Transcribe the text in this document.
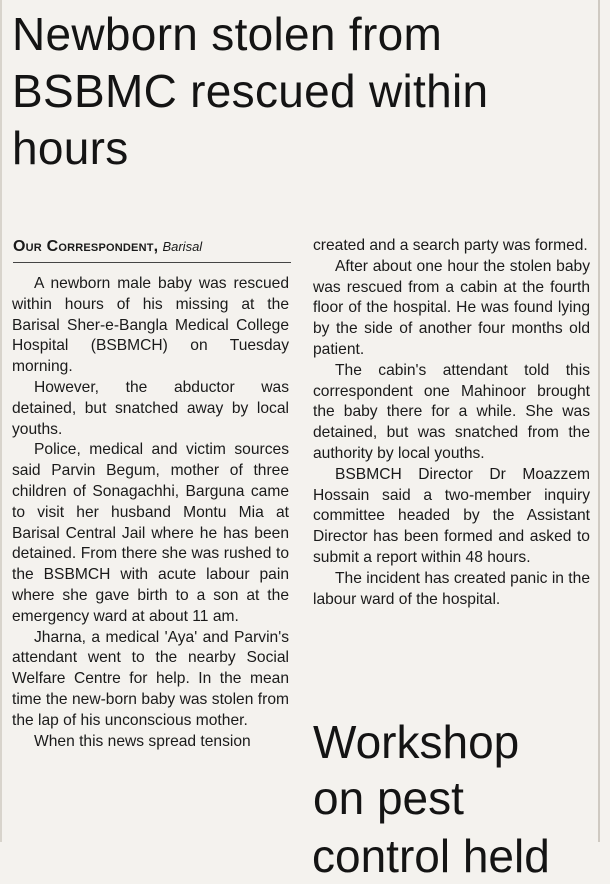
Newborn stolen from BSBMC rescued within hours
Our Correspondent, Barisal

A newborn male baby was rescued within hours of his missing at the Barisal Sher-e-Bangla Medical College Hospital (BSBMCH) on Tuesday morning.

However, the abductor was detained, but snatched away by local youths.

Police, medical and victim sources said Parvin Begum, mother of three children of Sonagachhi, Barguna came to visit her husband Montu Mia at Barisal Central Jail where he has been detained. From there she was rushed to the BSBMCH with acute labour pain where she gave birth to a son at the emergency ward at about 11 am.

Jharna, a medical 'Aya' and Parvin's attendant went to the nearby Social Welfare Centre for help. In the mean time the new-born baby was stolen from the lap of his unconscious mother.

When this news spread tension

created and a search party was formed.

After about one hour the stolen baby was rescued from a cabin at the fourth floor of the hospital. He was found lying by the side of another four months old patient.

The cabin's attendant told this correspondent one Mahinoor brought the baby there for a while. She was detained, but was snatched from the authority by local youths.

BSBMCH Director Dr Moazzem Hossain said a two-member inquiry committee headed by the Assistant Director has been formed and asked to submit a report within 48 hours.

The incident has created panic in the labour ward of the hospital.

Workshop
on pest
control held
